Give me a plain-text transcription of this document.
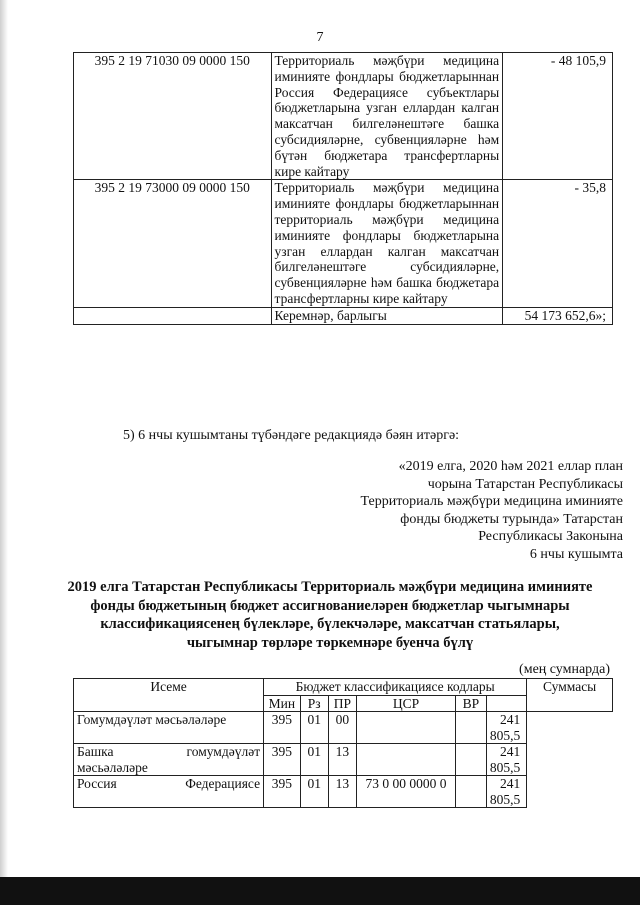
7
395 2 19 71030 09 0000 150	Территориаль мәҗбүри медицина иминияте фондлары бюджетларыннан Россия Федерациясе субъектлары бюджетларына узган еллардан калган максатчан билгеләнештәге башка субсидияләрне, субвенцияләрне һәм бүтән бюджетара трансфертларны кире кайтару	- 48 105,9
395 2 19 73000 09 0000 150	Территориаль мәҗбүри медицина иминияте фондлары бюджетларыннан территориаль мәҗбүри медицина иминияте фондлары бюджетларына узган еллардан калган максатчан билгеләнештәге субсидияләрне, субвенцияләрне һәм башка бюджетара трансфертларны кире кайтару	- 35,8
	Керемнәр, барлыгы	54 173 652,6»;
5) 6 нчы кушымтаны түбәндәге редакциядә бәян итәргә:
«2019 елга, 2020 һәм 2021 еллар план
чорына Татарстан Республикасы
Территориаль мәҗбүри медицина иминияте
фонды бюджеты турында» Татарстан
Республикасы Законына
6 нчы кушымта
2019 елга Татарстан Республикасы Территориаль мәҗбүри медицина иминияте
фонды бюджетының бюджет ассигнованиеләрен бюджетлар чыгымнары
классификациясенең бүлекләре, бүлекчәләре, максатчан статьялары,
чыгымнар төрләре төркемнәре буенча бүлү
(мең сумнарда)
Исеме	Бюджет классификациясе кодлары						Суммасы
	Мин	Рз	ПР	ЦСР	ВР		
Гомумдәүләт мәсьәләләре	395	01	00			241 805,5	

Башка гомумдәүләт
мәсьәләләре	395	01	13			241 805,5	
Россия Федерациясе	395	01	13	73 0 00 0000 0		241 805,5	
